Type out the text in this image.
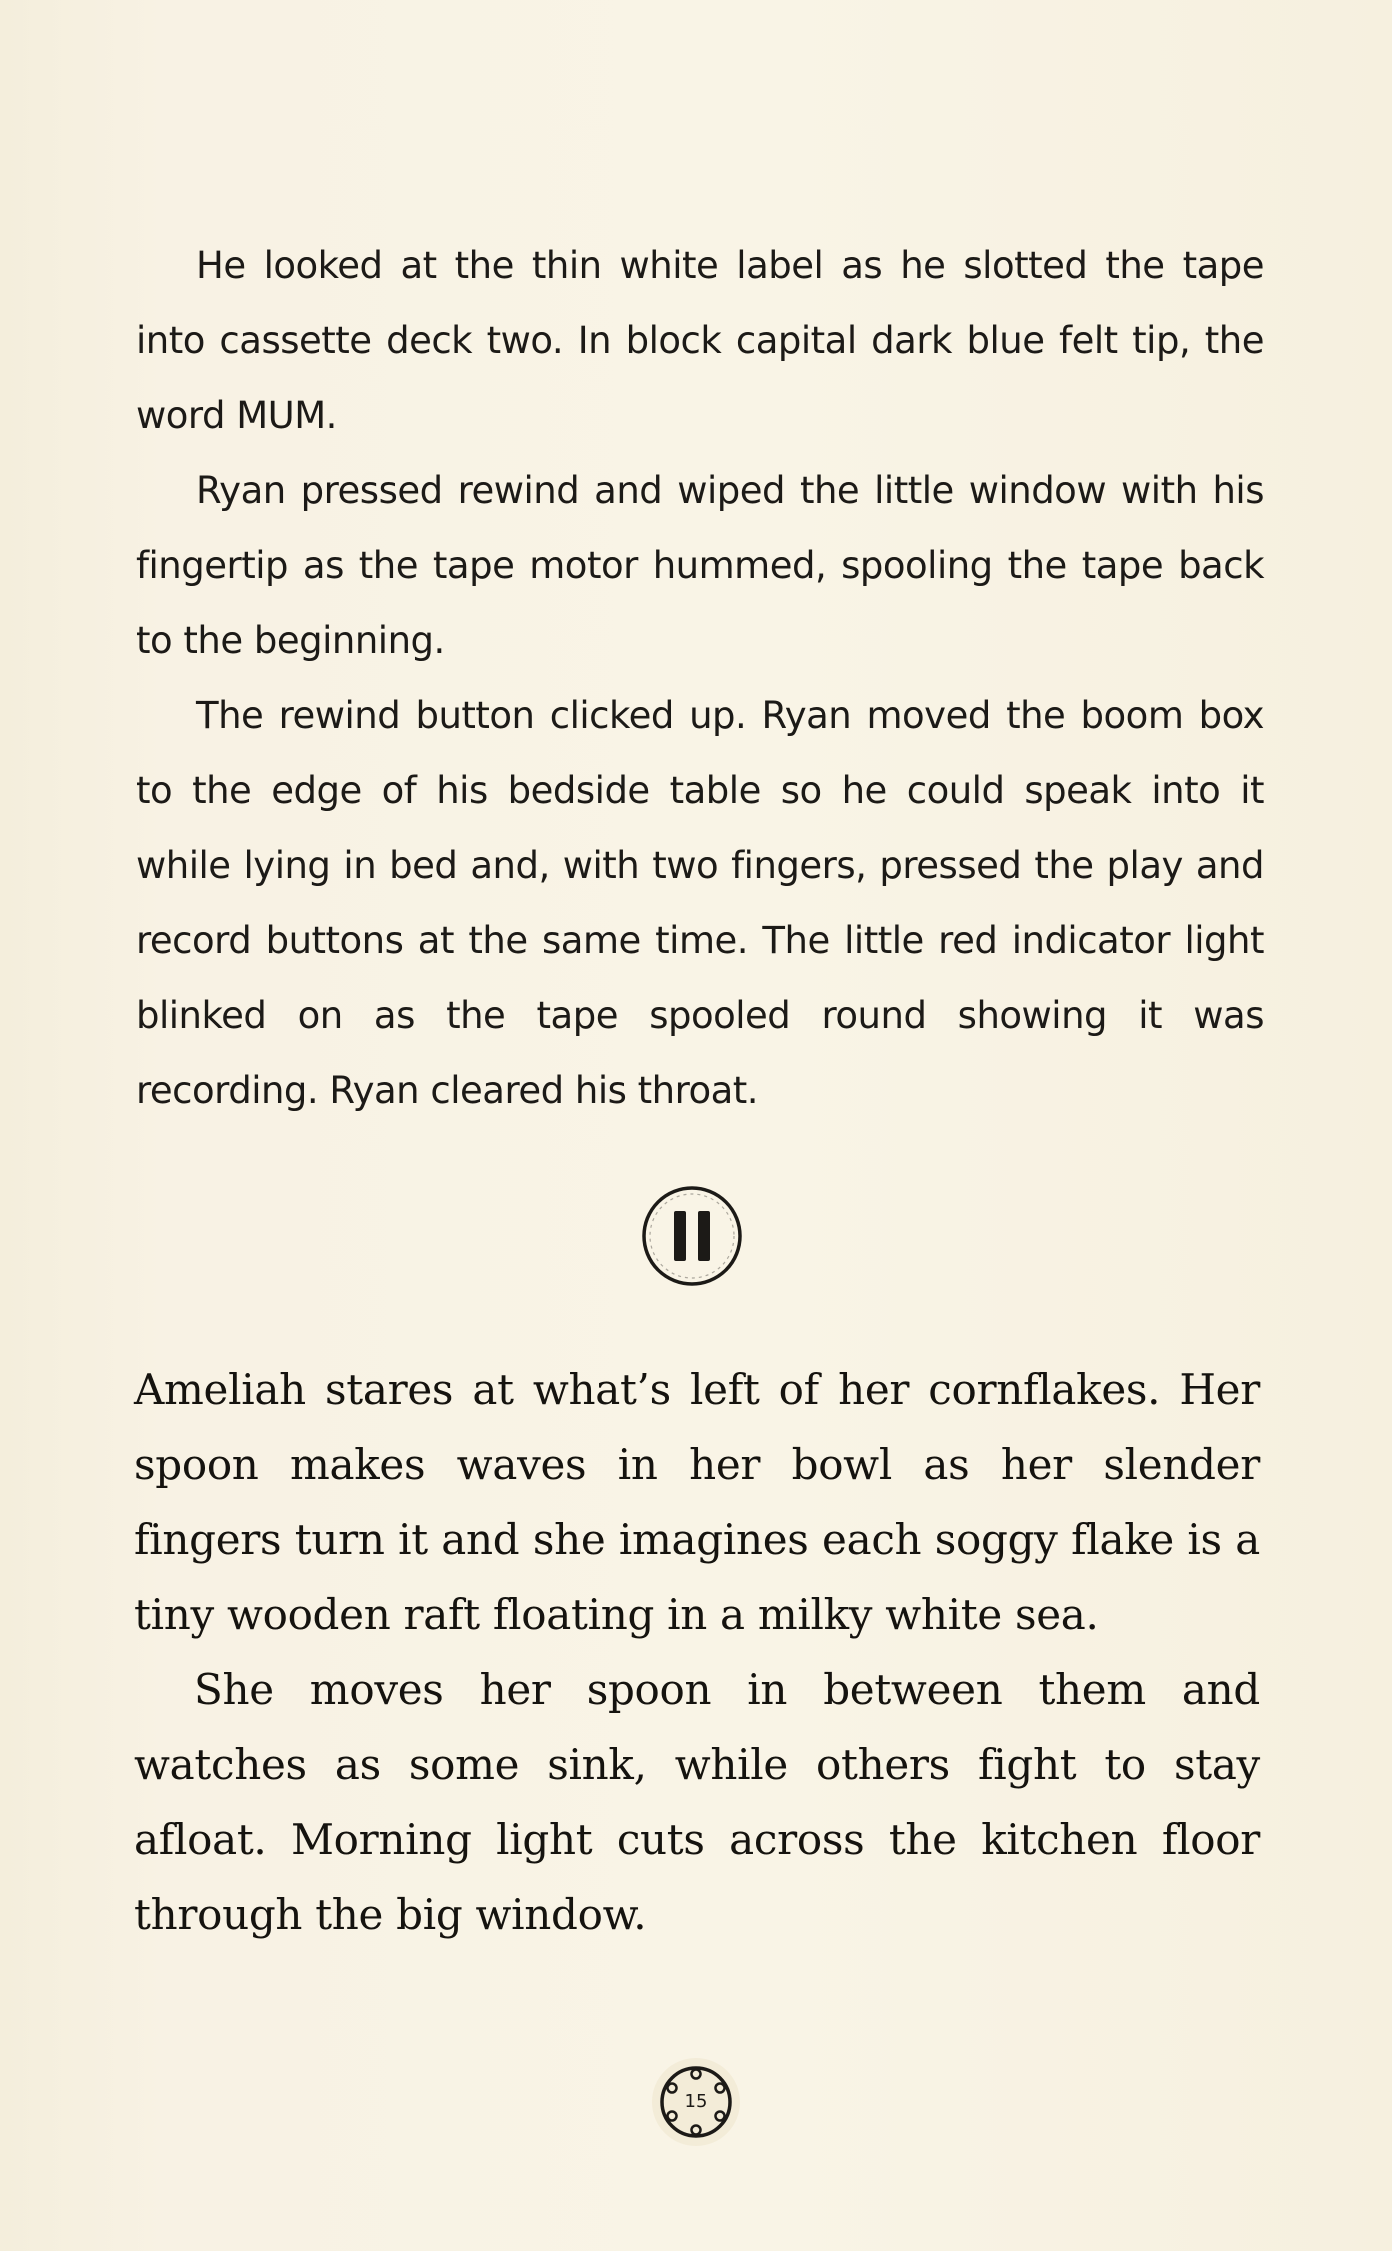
He looked at the thin white label as he slotted the tape into cassette deck two. In block capital dark blue felt tip, the word MUM.

Ryan pressed rewind and wiped the little window with his fingertip as the tape motor hummed, spooling the tape back to the beginning.

The rewind button clicked up. Ryan moved the boom box to the edge of his bedside table so he could speak into it while lying in bed and, with two fingers, pressed the play and record buttons at the same time. The little red indicator light blinked on as the tape spooled round showing it was recording. Ryan cleared his throat.

Ameliah stares at what’s left of her cornflakes. Her spoon makes waves in her bowl as her slender fingers turn it and she imagines each soggy flake is a tiny wooden raft floating in a milky white sea.

She moves her spoon in between them and watches as some sink, while others fight to stay afloat. Morning light cuts across the kitchen floor through the big window.

15
